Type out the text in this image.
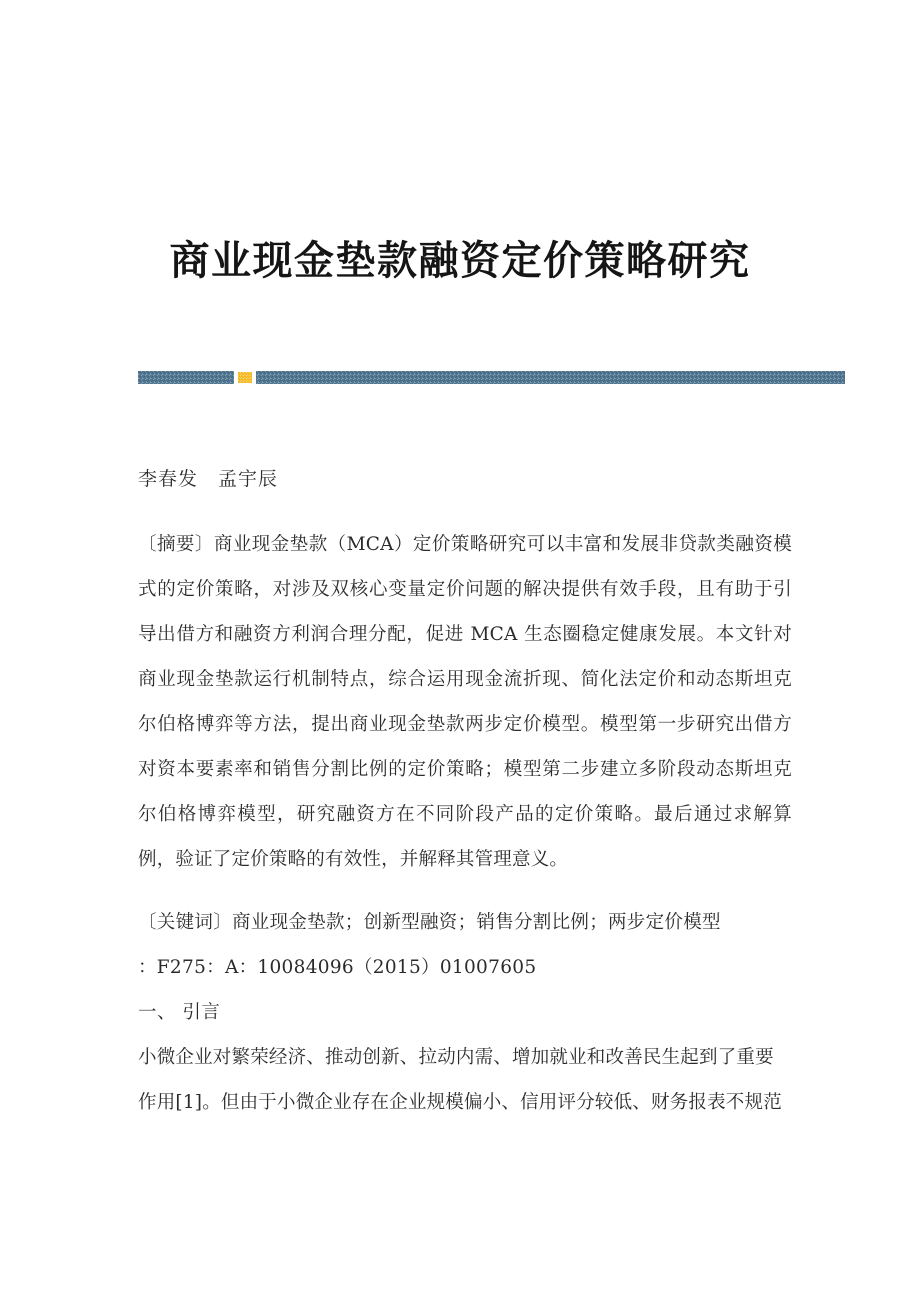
商业现金垫款融资定价策略研究

李春发　孟宇辰

〔摘要〕商业现金垫款（MCA）定价策略研究可以丰富和发展非贷款类融资模式的定价策略，对涉及双核心变量定价问题的解决提供有效手段，且有助于引导出借方和融资方利润合理分配，促进 MCA 生态圈稳定健康发展。本文针对商业现金垫款运行机制特点，综合运用现金流折现、简化法定价和动态斯坦克尔伯格博弈等方法，提出商业现金垫款两步定价模型。模型第一步研究出借方对资本要素率和销售分割比例的定价策略；模型第二步建立多阶段动态斯坦克尔伯格博弈模型，研究融资方在不同阶段产品的定价策略。最后通过求解算例，验证了定价策略的有效性，并解释其管理意义。

〔关键词〕商业现金垫款；创新型融资；销售分割比例；两步定价模型

：F275：A：10084096（2015）01007605

一、 引言

小微企业对繁荣经济、推动创新、拉动内需、增加就业和改善民生起到了重要作用[1]。但由于小微企业存在企业规模偏小、信用评分较低、财务报表不规范
